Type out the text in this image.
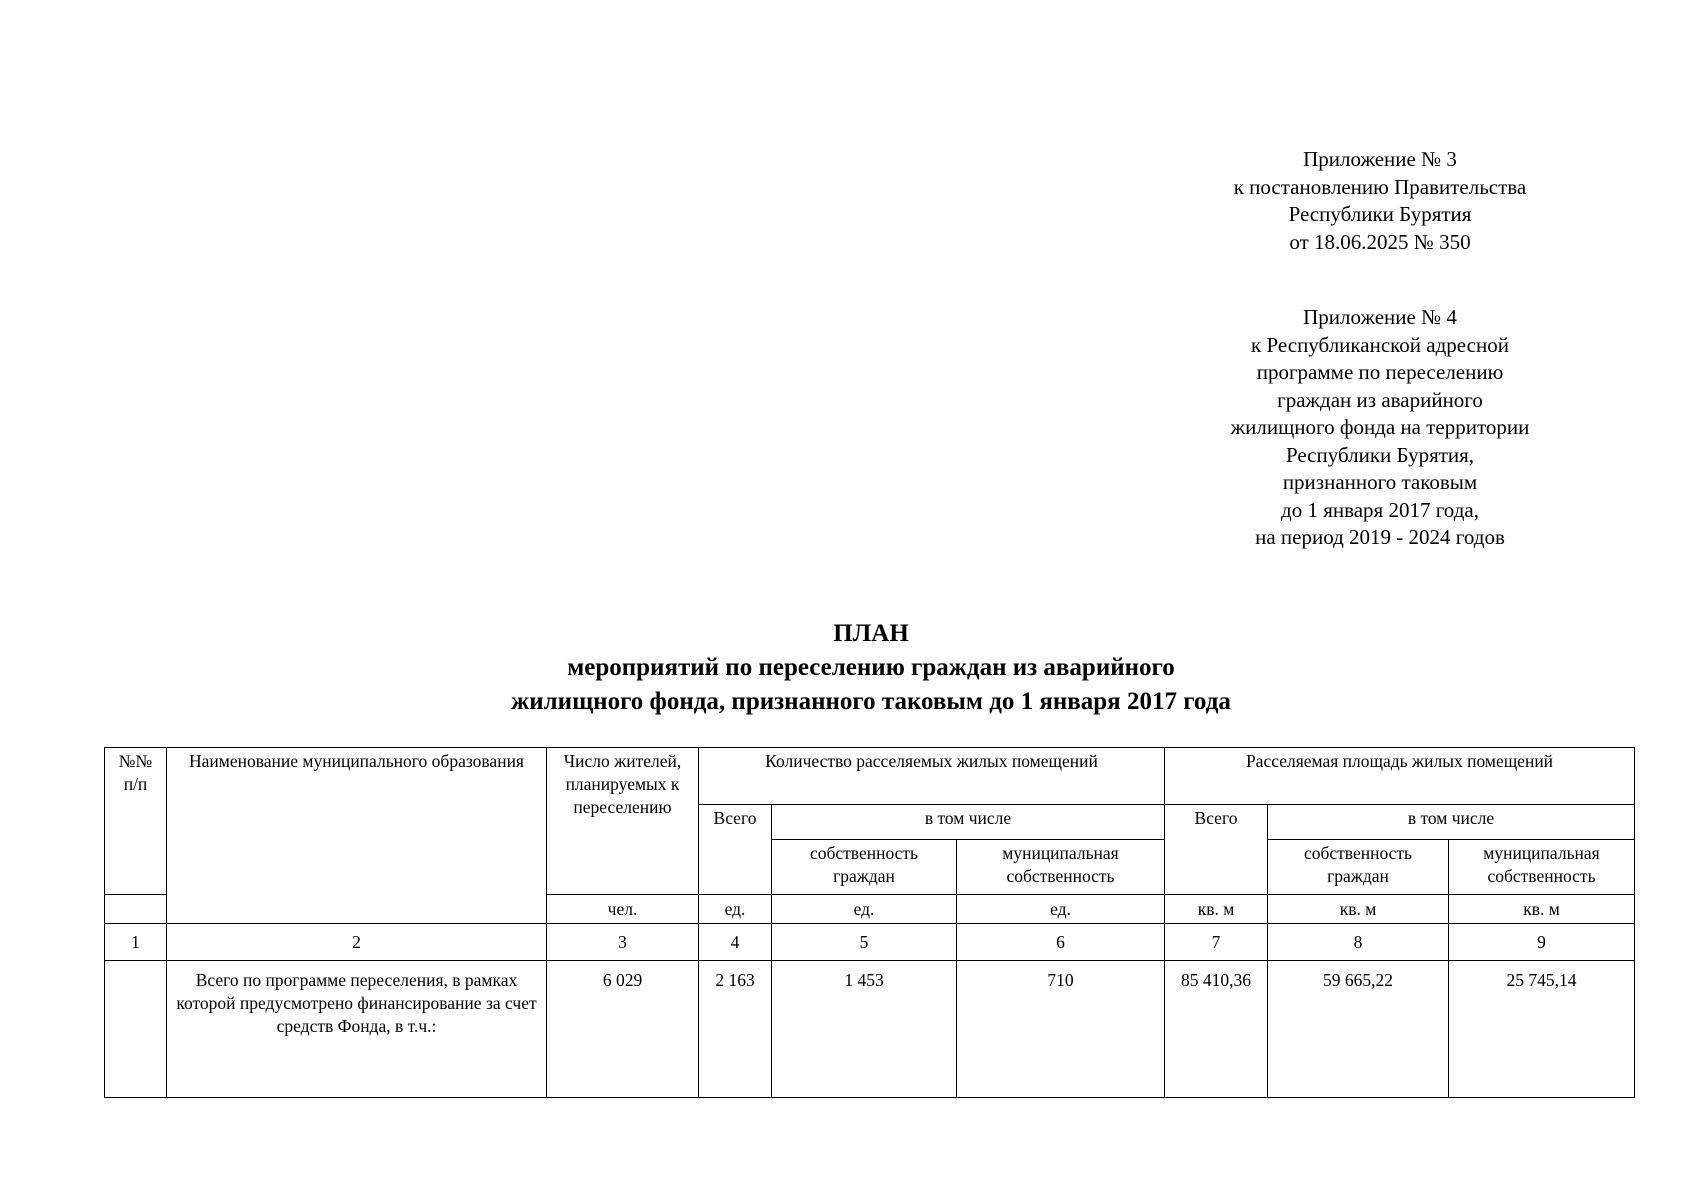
Приложение № 3
к постановлению Правительства
Республики Бурятия
от 18.06.2025 № 350
Приложение № 4
к Республиканской адресной
программе по переселению
граждан из аварийного
жилищного фонда на территории
Республики Бурятия,
признанного таковым
до 1 января 2017 года,
на период 2019 - 2024 годов
ПЛАН
мероприятий по переселению граждан из аварийного
жилищного фонда, признанного таковым до 1 января 2017 года
№№ п/п	Наименование муниципального образования	Число жителей, планируемых к переселению	Количество расселяемых жилых помещений			Расселяемая площадь жилых помещений		
			Всего	в том числе		Всего	в том числе	
				собственность граждан	муниципальная собственность		собственность граждан	муниципальная собственность
		чел.	ед.	ед.	ед.	кв. м	кв. м	кв. м
1	2	3	4	5	6	7	8	9
	Всего по программе переселения, в рамках которой предусмотрено финансирование за счет средств Фонда, в т.ч.:	6 029	2 163	1 453	710	85 410,36	59 665,22	25 745,14
